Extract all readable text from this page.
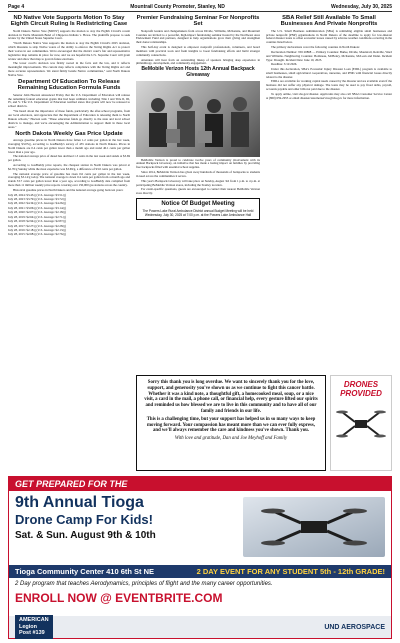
Page 4	Mountrail County Promoter, Stanley, ND	Wednesday, July 30, 2025
ND Native Vote Supports Motion To Stay Eighth Circuit Ruling Is Redistricting Case

North Dakota Native Vote (NDNV) supports the motion to stay the Eighth Circuit's recent decision in Turtle Mountain Band of Chippewa Indians v. Howe. The plaintiffs propose to seek review by the United States Supreme Court.

"North Dakota Native Vote supports the motion to stay the Eighth Circuit's 2025 decision, which threatens to strip Native voters of the ability to enforce the Voting Rights Act to protect their voices in our communities. We're encouraged that the district court's fair and representative legislative map remains in place for now, and we are hopeful the U.S. Supreme Court will grant review and allow that map to govern future elections.

The lower court's decision was firmly rooted in the facts and the law, and it reflects meaningful improvements. The current map reflects compliance with the Voting Rights Act and more accurate representation. We stand firmly beside Native communities," said North Dakota Native Vote.

Department Of Education To Release Remaining Education Formula Funds

Senator John Hoeven announced Friday that the U.S. Department of Education will release the remaining federal education grants that had been withheld, including Title I and Title II, III, IV, and V. The U.S. Department of Education notified states that grants will now be released to school districts.

"We heard about the importance of these funds, particularly the after-school programs, from our local educators, and appreciate that the Department of Education is releasing them to North Dakota schools," Hoeven said. "These education funds go directly to the state and local school districts to manage, and we're encouraging the Administration to support them in these local areas."

North Dakota Weekly Gas Price Update

Average gasoline prices in North Dakota have fallen 1.2 cents per gallon in the last week, averaging $3.05/g, according to GasBuddy's survey of 455 stations in North Dakota. Prices in North Dakota are 0.4 cents per gallon lower than a month ago and stand 40.1 cents per gallon lower than a year ago.

The national average price of diesel has declined 1.3 cents in the last week and stands at $3.69 per gallon.

According to GasBuddy price reports, the cheapest station in North Dakota was priced at $2.76/g Sunday while the most expensive was $3.69/g, a difference of 93.0 cents per gallon.

The national average price of gasoline has risen 0.6 cents per gallon in the last week, averaging $3.14/g today. The national average is down 0.4 cents per gallon from a month ago and stands 33.7 cents per gallon lower than a year ago, according to GasBuddy data compiled from more than 11 million weekly price reports covering over 150,000 gas stations across the country.

Historical gasoline prices in North Dakota and the national average going back ten years:

July 28, 2024: $3.45/g (U.S. Average: $3.51/g)

July 28, 2023: $3.79/g (U.S. Average: $3.72/g)

July 28, 2022: $4.34/g (U.S. Average: $4.26/g)

July 28, 2021: $3.06/g (U.S. Average: $3.14/g)

July 28, 2020: $2.07/g (U.S. Average: $2.18/g)

July 28, 2019: $2.64/g (U.S. Average: $2.71/g)

July 28, 2018: $2.94/g (U.S. Average: $2.87/g)

July 28, 2017: $2.27/g (U.S. Average: $2.28/g)

July 28, 2016: $2.18/g (U.S. Average: $2.13/g)

July 28, 2015: $2.68/g (U.S. Average: $2.76/g)

Premier Fundraising Seminar For Nonprofits Set

Nonprofit leaders and changemakers from across Divide, Williams, McKenzie, and Mountrail Counties are invited to a powerful, high-impact fundraising seminar hosted by the Northwest Area Endowment Fund and partners, designed to help organizations grow their giving and strengthen their donor relationships.

This half-day event is designed to empower nonprofit professionals, volunteers, and board members with practical tools and fresh insights to boost fundraising efforts and build stronger community connections.

Attendees will hear from an outstanding lineup of speakers bringing deep experience in philanthropy, development, and community engagement.

BeMobile Verizon Hosts 12th Annual Backpack Giveaway

BeMobile Verizon is proud to celebrate twelve years of community involvement with its Annual Backpack Giveaway, an initiative that has made a lasting impact on families by providing free backpacks filled with essential school supplies.

Since 2014, BeMobile Verizon has given away hundreds of thousands of backpacks to students in need across the communities it serves.

This year's Backpack Giveaway will take place on Sunday, August 3rd from 1 p.m. to 4 p.m. at participating BeMobile Verizon stores, including the Stanley location.

For event-specific questions, guests are encouraged to contact their nearest BeMobile Verizon store directly.

Notice Of Budget Meeting

The Powers Lake Rural Ambulance District annual Budget Meeting will be held Wednesday, July 30, 2025 at 7:00 p.m. at the Powers Lake Ambulance Hall

SBA Relief Still Available To Small Businesses And Private Nonprofits

The U.S. Small Business Administration (SBA) is reminding eligible small businesses and private nonprofit (PNP) organizations in North Dakota of the deadline to apply for low-interest federal disaster loans to offset economic losses caused by adverse weather conditions occurring in the counties listed below.

The primary declarations cover the following counties in North Dakota:

Declaration Number: ND 20868 — Primary Counties: Burke, Divide, Mountrail, Renville, Ward and Williams. Neighboring Counties: Bottineau, McHenry, McKenzie, McLean and Dunn. Incident Type: Drought. Incident Date: June 10, 2025.

Deadline: 3/12/2026.

Under this declaration, SBA's Economic Injury Disaster Loan (EIDL) program is available to small businesses, small agricultural cooperatives, nurseries, and PNPs with financial losses directly related to the disaster.

EIDLs are available for working capital needs caused by the disaster and are available even if the business did not suffer any physical damage. The loans may be used to pay fixed debts, payroll, accounts payable and other bills not paid due to the disaster.

To apply online, visit sba.gov/disaster. Applicants may also call SBA's Customer Service Center at (800) 659-2955 or email disastercustomerservice@sba.gov for more information.

Sorry this thank you is long overdue. We want to sincerely thank you for the love, support, and generosity you've shown us as we continue to fight this cancer battle. Whether it was a kind note, a thoughtful gift, a homecooked meal, soup, or a nice visit, a card in the mail, a phone call, or financial help, every gesture lifted our spirits and reminded us how blessed we are to live in this community and to have all of our family and friends in our life.

This is a challenging time, but your support has helped us in so many ways to keep moving forward. Your compassion has meant more than we can ever fully express, and we'll always remember the care and kindness you've shown. Thank you.

With love and gratitude, Dan and Joe Meyhoff and Family

DRONES PROVIDED
GET PREPARED FOR THE
9th Annual Tioga
Drone Camp For Kids!
Sat. & Sun. August 9th & 10th
Tioga Community Center 410 6th St NE	2 DAY EVENT FOR ANY STUDENT 5th - 12th GRADE!
2 Day program that teaches Aerodynamics, principles of flight and the many career opportunities.
ENROLL NOW @ EVENTBRITE.COM
AMERICAN
Legion
Post #139
UND AEROSPACE
